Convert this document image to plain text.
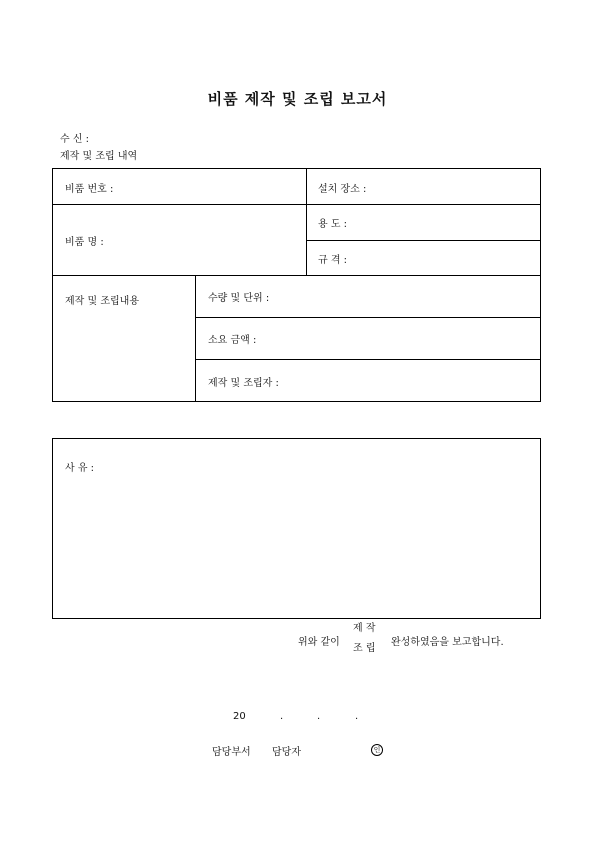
비품 제작 및 조립 보고서
수 신 :
제작 및 조립 내역
비품 번호 :	설치 장소 :
비품 명 :
용 도 :
규 격 :
제작 및 조립내용	수량 및 단위 :
소요 금액 :
제작 및 조립자 :
사 유 :
위와 같이
제 작
조 립
완성하였음을 보고합니다.
20	.	.	.
담당부서 담당자	인
